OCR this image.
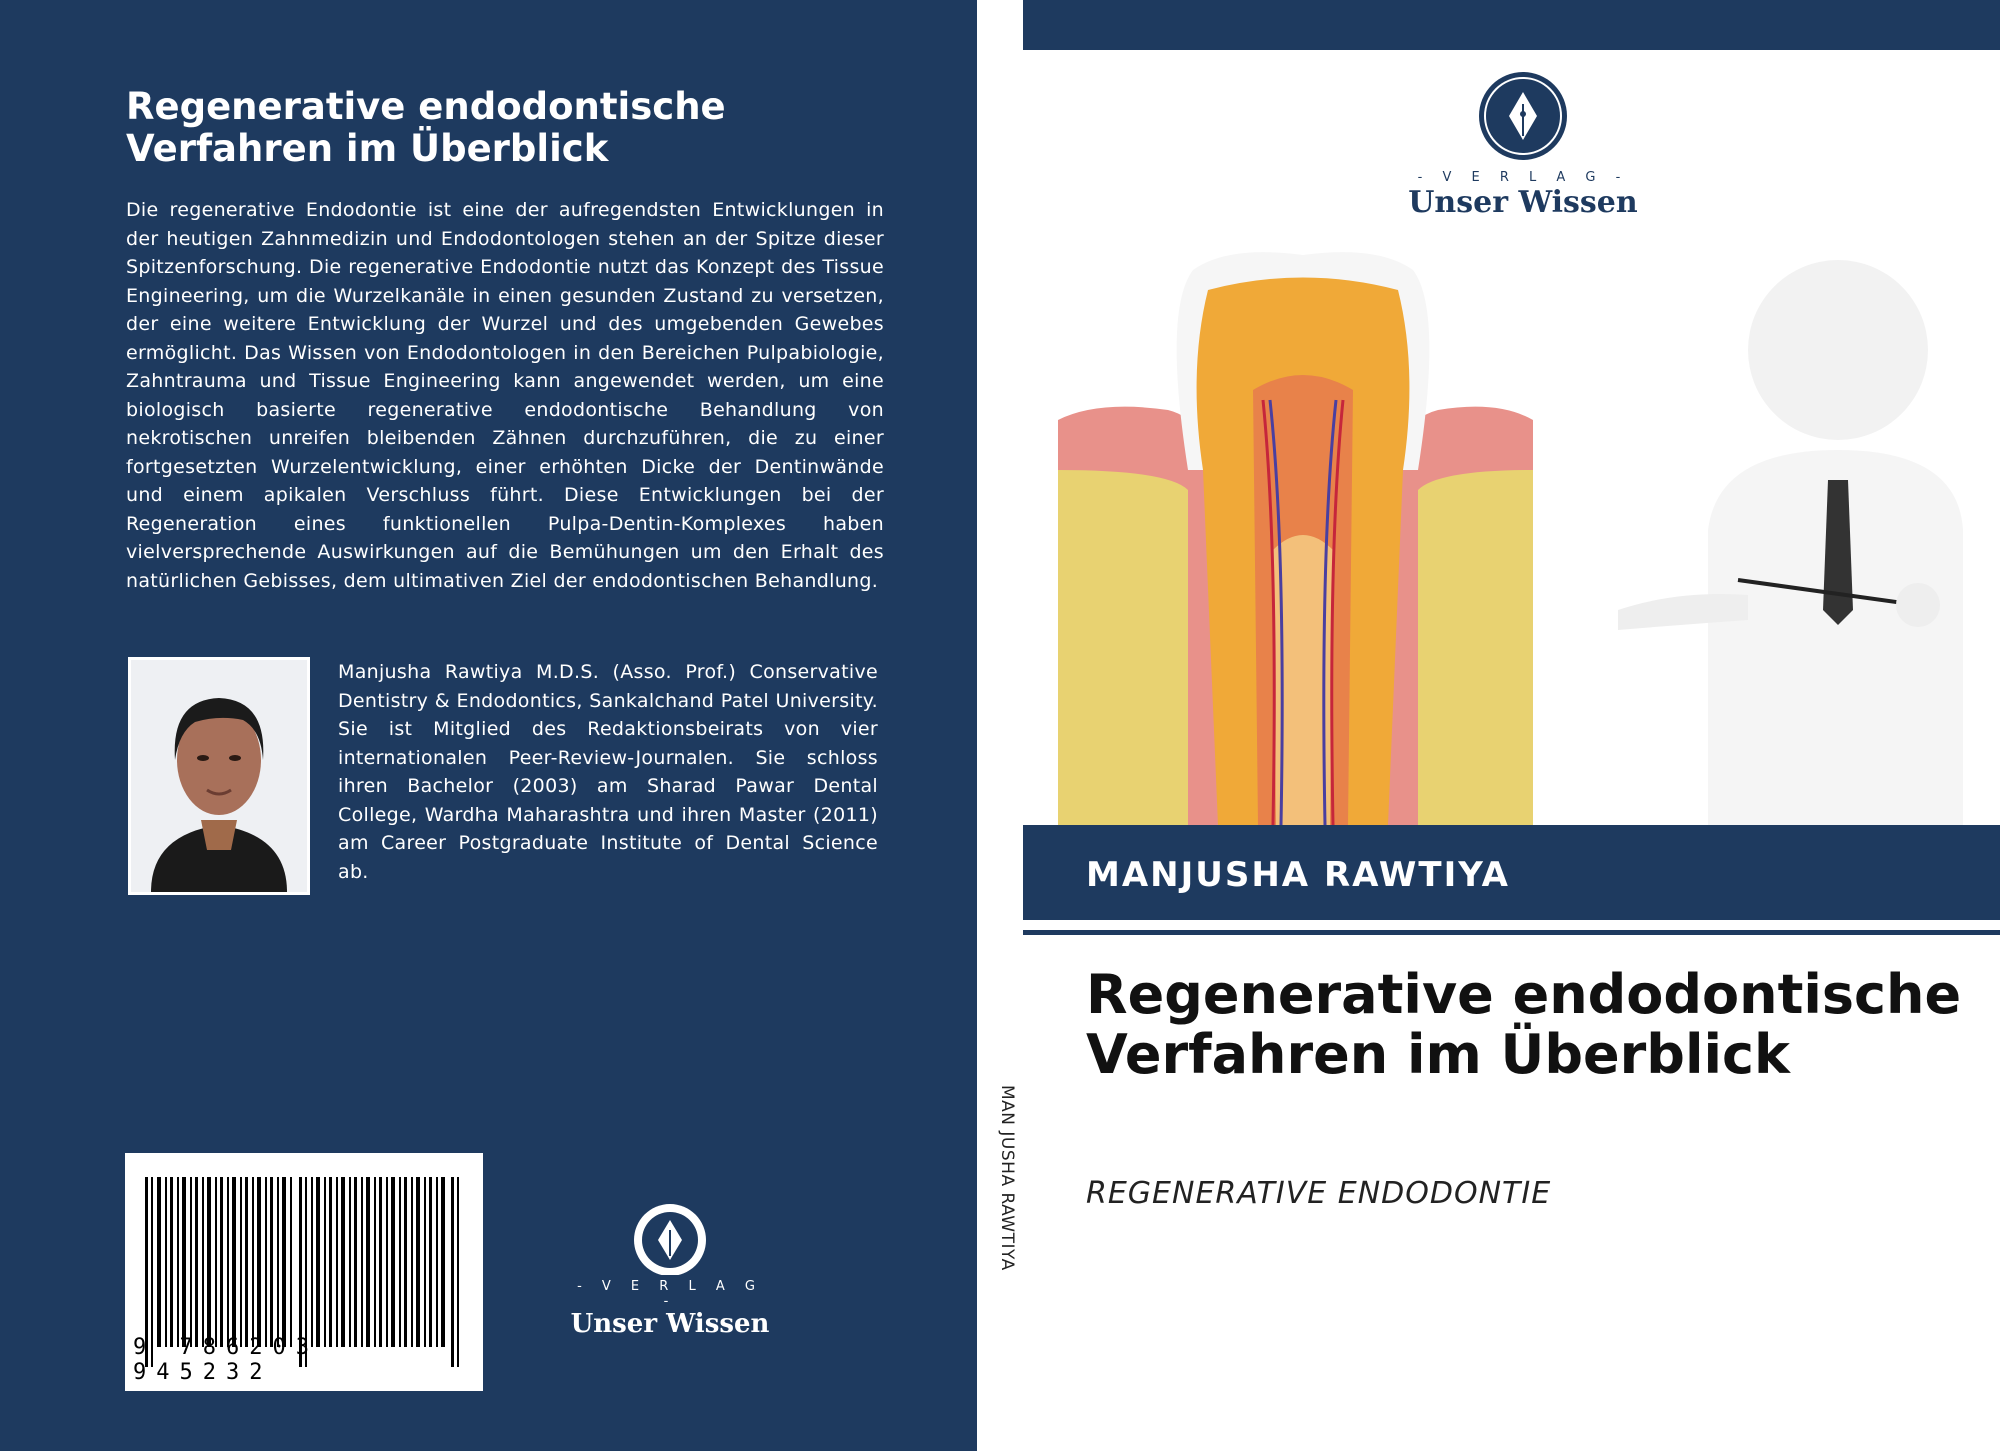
Regenerative endodontische Verfahren im Überblick
Die regenerative Endodontie ist eine der aufregendsten Entwicklungen in der heutigen Zahnmedizin und Endodontologen stehen an der Spitze dieser Spitzenforschung. Die regenerative Endodontie nutzt das Konzept des Tissue Engineering, um die Wurzelkanäle in einen gesunden Zustand zu versetzen, der eine weitere Entwicklung der Wurzel und des umgebenden Gewebes ermöglicht. Das Wissen von Endodontologen in den Bereichen Pulpabiologie, Zahntrauma und Tissue Engineering kann angewendet werden, um eine biologisch basierte regenerative endodontische Behandlung von nekrotischen unreifen bleibenden Zähnen durchzuführen, die zu einer fortgesetzten Wurzelentwicklung, einer erhöhten Dicke der Dentinwände und einem apikalen Verschluss führt. Diese Entwicklungen bei der Regeneration eines funktionellen Pulpa-Dentin-Komplexes haben vielversprechende Auswirkungen auf die Bemühungen um den Erhalt des natürlichen Gebisses, dem ultimativen Ziel der endodontischen Behandlung.
Manjusha Rawtiya M.D.S. (Asso. Prof.) Conservative Dentistry & Endodontics, Sankalchand Patel University. Sie ist Mitglied des Redaktionsbeirats von vier internationalen Peer-Review-Journalen. Sie schloss ihren Bachelor (2003) am Sharad Pawar Dental College, Wardha Maharashtra und ihren Master (2011) am Career Postgraduate Institute of Dental Science ab.
9 786203 945232
- V E R L A G -
Unser Wissen
MAN JUSHA RAWTIYA
- V E R L A G -
Unser Wissen
MANJUSHA RAWTIYA
Regenerative endodontische Verfahren im Überblick
REGENERATIVE ENDODONTIE
